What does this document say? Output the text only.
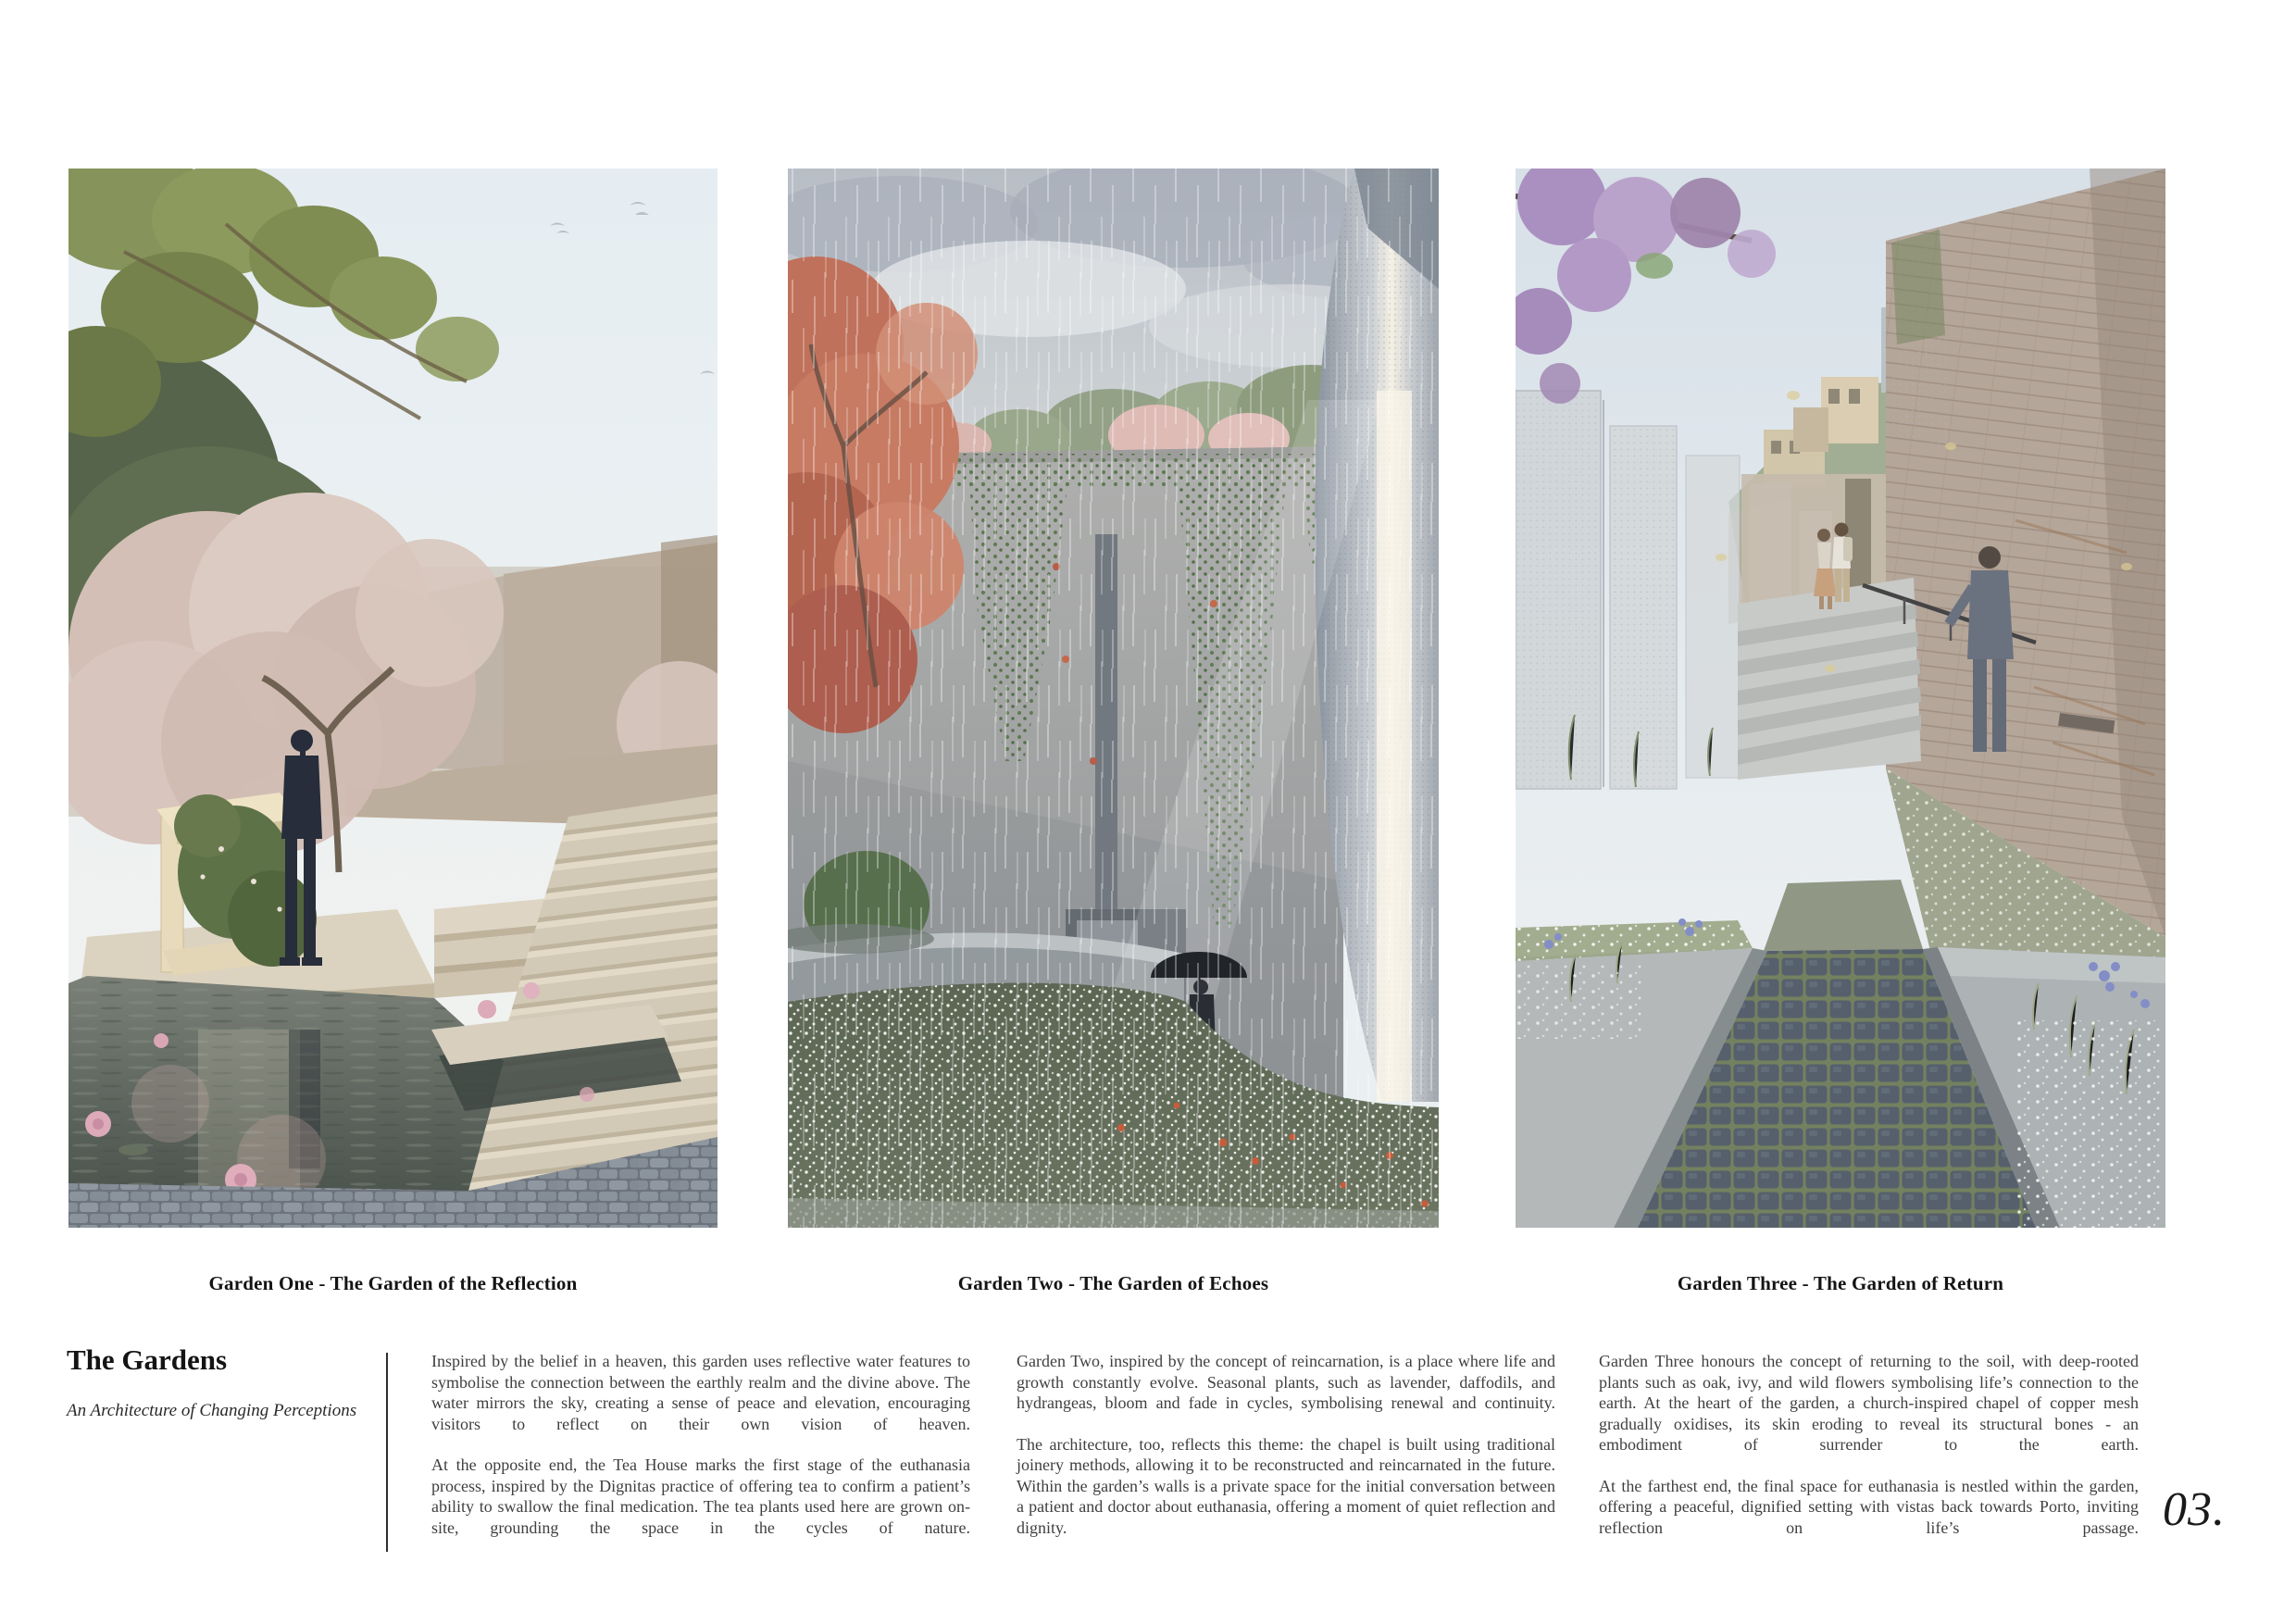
Garden One - The Garden of the Reflection	Garden Two - The Garden of Echoes	Garden Three - The Garden of Return
The Gardens

An Architecture of Changing Perceptions

Inspired by the belief in a heaven, this garden uses reflective water features to symbolise the connection between the earthly realm and the divine above. The water mirrors the sky, creating a sense of peace and elevation, encouraging visitors to reflect on their own vision of heaven.

At the opposite end, the Tea House marks the first stage of the euthanasia process, inspired by the Dignitas practice of offering tea to confirm a patient’s ability to swallow the final medication. The tea plants used here are grown on-site, grounding the space in the cycles of nature.

Garden Two, inspired by the concept of reincarnation, is a place where life and growth constantly evolve. Seasonal plants, such as lavender, daffodils, and hydrangeas, bloom and fade in cycles, symbolising renewal and continuity.

The architecture, too, reflects this theme: the chapel is built using traditional joinery methods, allowing it to be reconstructed and reincarnated in the future. Within the garden’s walls is a private space for the initial conversation between a patient and doctor about euthanasia, offering a moment of quiet reflection and dignity.

Garden Three honours the concept of returning to the soil, with deep-rooted plants such as oak, ivy, and wild flowers symbolising life’s connection to the earth. At the heart of the garden, a church-inspired chapel of copper mesh gradually oxidises, its skin eroding to reveal its structural bones - an embodiment of surrender to the earth.

At the farthest end, the final space for euthanasia is nestled within the garden, offering a peaceful, dignified setting with vistas back towards Porto, inviting reflection on life’s passage. 03.
